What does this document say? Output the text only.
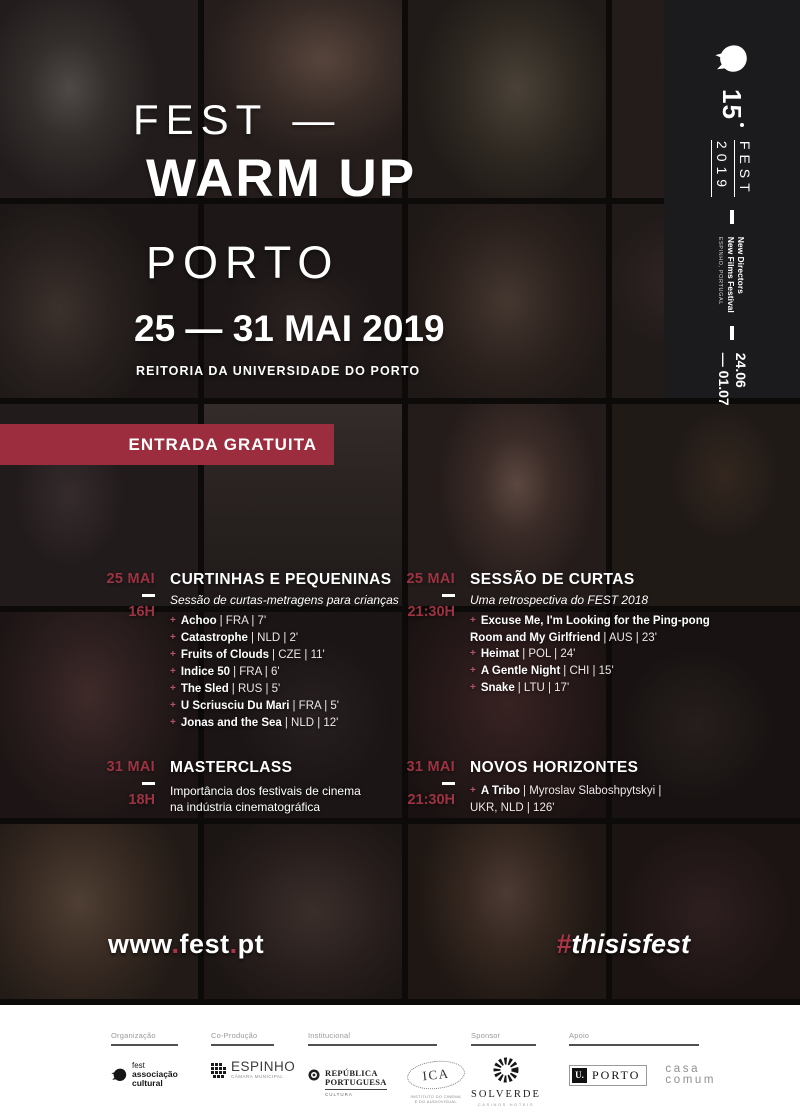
FEST —
WARM UP
PORTO
25 — 31 MAI 2019
REITORIA DA UNIVERSIDADE DO PORTO
15
FEST
2019
New Directors
New Films Festival
ESPINHO, PORTUGAL
24.06
— 01.07
ENTRADA GRATUITA
25 MAI
16H
CURTINHAS E PEQUENINAS
Sessão de curtas-metragens para crianças
+ Achoo | FRA | 7'
+ Catastrophe | NLD | 2'
+ Fruits of Clouds | CZE | 11'
+ Indice 50 | FRA | 6'
+ The Sled | RUS | 5'
+ U Scriusciu Du Mari | FRA | 5'
+ Jonas and the Sea | NLD | 12'
25 MAI
21:30H
SESSÃO DE CURTAS
Uma retrospectiva do FEST 2018
+ Excuse Me, I'm Looking for the Ping-pong
Room and My Girlfriend | AUS | 23'
+ Heimat | POL | 24'
+ A Gentle Night | CHI | 15'
+ Snake | LTU | 17'
31 MAI
18H
MASTERCLASS
Importância dos festivais de cinema
na indústria cinematográfica
31 MAI
21:30H
NOVOS HORIZONTES
+ A Tribo | Myroslav Slaboshpytskyi |
UKR, NLD | 126'
www.fest.pt	#thisisfest
Organização
fest
associação
cultural
Co-Produção
ESPINHO
CÂMARA MUNICIPAL
Institucional
REPÚBLICA
PORTUGUESA
CULTURA
ICA
INSTITUTO DO CINEMA
E DO AUDIOVISUAL
Sponsor
SOLVERDE
CASINOS HOTEIS
Apoio
U. PORTO casa
comum
